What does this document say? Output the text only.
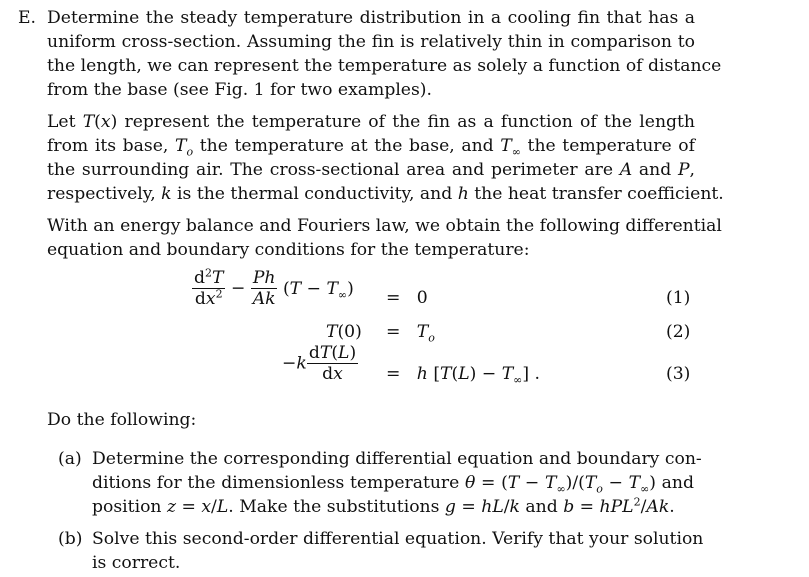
E. Determine the steady temperature distribution in a cooling fin that has a
uniform cross-section. Assuming the fin is relatively thin in comparison to
the length, we can represent the temperature as solely a function of distance
from the base (see Fig. 1 for two examples).
Let T(x) represent the temperature of the fin as a function of the length
from its base, $T_o$ the temperature at the base, and $T_\infty$ the temperature of
the surrounding air. The cross-sectional area and perimeter are A and P,
respectively, k is the thermal conductivity, and h the heat transfer coefficient.
With an energy balance and Fouriers law, we obtain the following differential
equation and boundary conditions for the temperature:
$\frac{d^2T}{dx^2} - \frac{Ph}{Ak} (T - T_\infty) = 0$	(1)
$T(0) = T_o$	(2)
$-k \frac{dT(L)}{dx} = h$ $[T(L) - T_\infty]$ .	(3)
Do the following:
(a) Determine the corresponding differential equation and boundary con-
ditions for the dimensionless temperature $\theta = (T - T_\infty)/(T_o - T_\infty)$ and
position z = x/L. Make the substitutions g = hL/k and b = hPL$^2$/Ak.
(b) Solve this second-order differential equation. Verify that your solution
is correct.
